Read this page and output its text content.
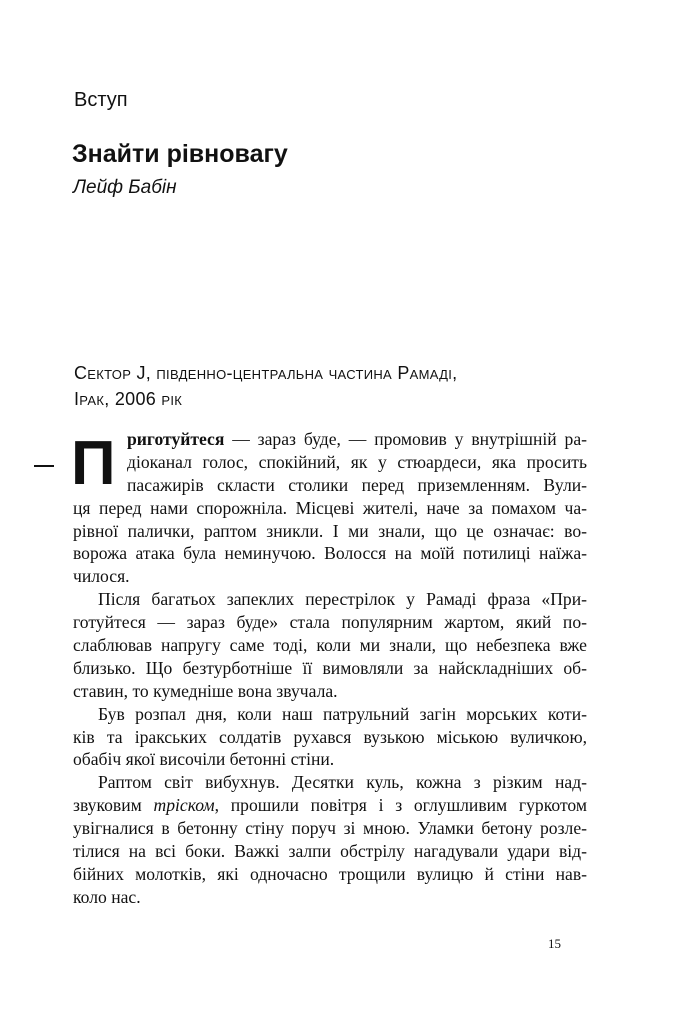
Вступ
Знайти рівновагу
Лейф Бабін
Сектор J, південно-центральна частина Рамаді,
Ірак, 2006 рік
П риготуйтеся — зараз буде, — промовив у внутрішній ра-
діоканал голос, спокійний, як у стюардеси, яка просить
пасажирів скласти столики перед приземленням. Вули-
ця перед нами спорожніла. Місцеві жителі, наче за помахом ча-
рівної палички, раптом зникли. І ми знали, що це означає: во-
ворожа атака була неминучою. Волосся на моїй потилиці наїжа-
чилося.
Після багатьох запеклих перестрілок у Рамаді фраза «При-
готуйтеся — зараз буде» стала популярним жартом, який по-
слаблював напругу саме тоді, коли ми знали, що небезпека вже
близько. Що безтурботніше її вимовляли за найскладніших об-
ставин, то кумедніше вона звучала.
Був розпал дня, коли наш патрульний загін морських коти-
ків та іракських солдатів рухався вузькою міською вуличкою,
обабіч якої височіли бетонні стіни.
Раптом світ вибухнув. Десятки куль, кожна з різким над-
звуковим тріском, прошили повітря і з оглушливим гуркотом
увігналися в бетонну стіну поруч зі мною. Уламки бетону розле-
тілися на всі боки. Важкі залпи обстрілу нагадували удари від-
бійних молотків, які одночасно трощили вулицю й стіни нав-
коло нас.
15
